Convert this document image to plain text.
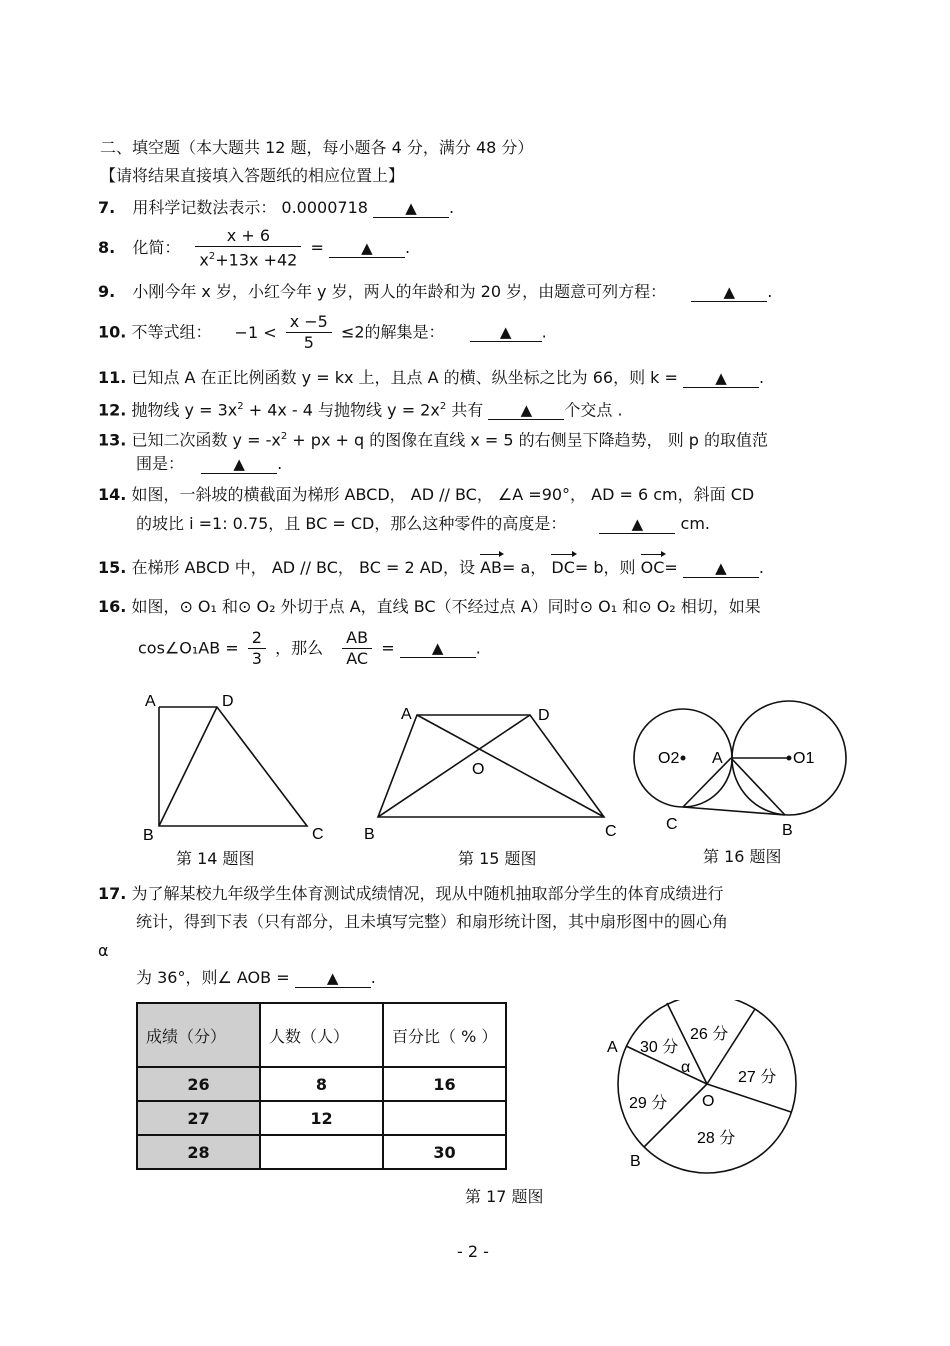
二、填空题（本大题共 12 题，每小题各 4 分，满分 48 分）
【请将结果直接填入答题纸的相应位置上】
7. 用科学记数法表示： 0.0000718 ▲ .
8. 化简： $\frac{x + 6}{x^2+13x +42}$ = ▲ .
9. 小刚今年 x 岁，小红今年 y 岁，两人的年龄和为 20 岁，由题意可列方程：	▲ .
10. 不等式组： $-1 < \frac{x -5}{5} \le 2$的解集是：	▲ .
11. 已知点 A 在正比例函数 y = kx 上，且点 A 的横、纵坐标之比为 66，则 k = ▲ .
12. 抛物线 $y = 3x^2 + 4x - 4$ 与抛物线 $y = 2x^2$ 共有 ▲ 个交点 .
13. 已知二次函数 $y = -x^2$ + px + q 的图像在直线 x = 5 的右侧呈下降趋势， 则 p 的取值范
围是：	▲ .
14. 如图，一斜坡的横截面为梯形 ABCD， AD // BC， ∠A =90°， AD = 6 cm，斜面 CD
的坡比 i =1: 0.75，且 BC = CD，那么这种零件的高度是：	▲ cm.
15. 在梯形 ABCD 中， AD // BC， BC = 2 AD，设 AB= a， DC= b，则 OC= ▲ .
16. 如图，⊙ O₁ 和⊙ O₂ 外切于点 A，直线 BC（不经过点 A）同时⊙ O₁ 和⊙ O₂ 相切，如果
cos∠O₁AB = $\frac{2}{3}$ ，那么 $\frac{AB}{AC}$ = ▲ .
A	D
B	C
第 14 题图
A	D
O
B	C
第 15 题图
O2 A	O1
C	B
第 16 题图
17. 为了解某校九年级学生体育测试成绩情况，现从中随机抽取部分学生的体育成绩进行
统计，得到下表（只有部分，且未填写完整）和扇形统计图，其中扇形图中的圆心角
α
为 36°，则∠ AOB = ▲ .
成绩（分）	人数（人）	百分比（ % ）
26	8	16
27	12	
28		30
26 分
27 分
28 分
29 分
30 分
α
O
A
B
第 17 题图
- 2 -
